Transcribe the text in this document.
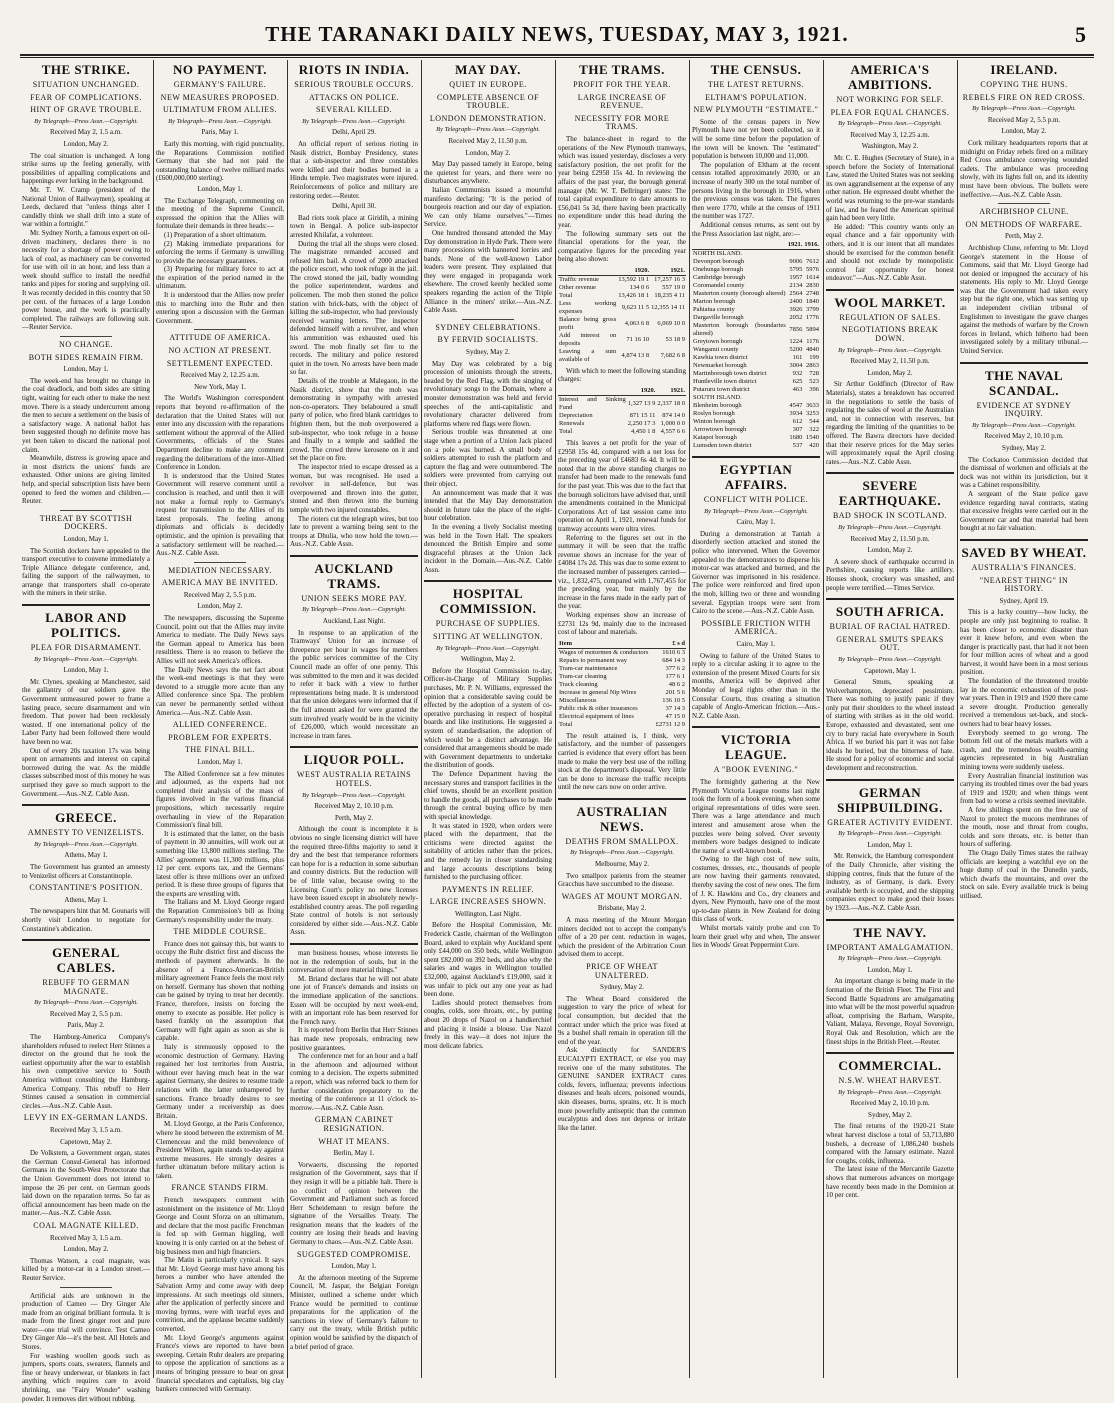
THE TARANAKI DAILY NEWS, TUESDAY, MAY 3, 1921.	5
THE STRIKE.
SITUATION UNCHANGED.
FEAR OF COMPLICATIONS.
HINT OF GRAVE TROUBLE.
By Telegraph—Press Assn.—Copyright.
Received May 2, 1.5 a.m.
London, May 2.

The coal situation is unchanged. A long strike sums up the feeling generally, with possibilities of appalling complications and happenings ever lurking in the background.

Mr. T. W. Cramp (president of the National Union of Railwaymen), speaking at Leeds, declared that "unless things alter I candidly think we shall drift into a state of war within a fortnight."

Mr. Sydney North, a famous expert on oil-driven machinery, declares there is no necessity for a shortage of power owing to lack of coal, as machinery can be converted for use with oil in an hour, and less than a week should suffice to install the needful tanks and pipes for storing and supplying oil. It was recently decided in this country that 50 per cent. of the furnaces of a large London power house, and the work is practically completed. The railways are following suit.—Reuter Service.

NO CHANGE.
BOTH SIDES REMAIN FIRM.
London, May 1.

The week-end has brought no change in the coal deadlock, and both sides are sitting tight, waiting for each other to make the next move. There is a steady undercurrent among the men to secure a settlement on the basis of a satisfactory wage. A national ballot has been suggested though no definite move has yet been taken to discard the national pool claim.

Meanwhile, distress is growing apace and in most districts the unions' funds are exhausted. Other unions are giving limited help, and special subscription lists have been opened to feed the women and children.—Reuter.

THREAT BY SCOTTISH DOCKERS.
London, May 1.

The Scottish dockers have appealed to the transport executive to convene immediately a Triple Alliance delegate conference, and, failing the support of the railwaymen, to arrange that transporters shall co-operate with the miners in their strike.

LABOR AND POLITICS.
PLEA FOR DISARMAMENT.
By Telegraph—Press Assn.—Copyright.
London, May 1.

Mr. Clynes, speaking at Manchester, said the gallantry of our soldiers gave the Government unmeasured power to frame a lasting peace, secure disarmament and win freedom. That power had been recklessly wasted. If one international policy of the Labor Party had been followed there would have been no war.

Out of every 20s taxation 17s was being spent on armaments and interest on capital borrowed during the war. As the middle classes subscribed most of this money he was surprised they gave so much support to the Government.—Aus.-N.Z. Cable Assn.

GREECE.
AMNESTY TO VENIZELISTS.
By Telegraph—Press Assn.—Copyright.
Athens, May 1.

The Government has granted an amnesty to Venizelist officers at Constantinople.

CONSTANTINE'S POSITION.
Athens, May 1.

The newspapers hint that M. Gounaris will shortly visit London to negotiate for Constantine's abdication.

GENERAL CABLES.
REBUFF TO GERMAN MAGNATE.
By Telegraph—Press Assn.—Copyright.
Received May 2, 5.5 p.m.
Paris, May 2.

The Hamburg-America Company's shareholders refused to reelect Herr Stinnes a director on the ground that he took the earliest opportunity after the war to establish his own competitive service to South America without consulting the Hamburg-America Company. This rebuff to Herr Stinnes caused a sensation in commercial circles.—Aus.-N.Z. Cable Assn.

LEVY IN EX-GERMAN LANDS.
Received May 3, 1.5 a.m.
Capetown, May 2.

De Volkstem, a Government organ, states the German Consul-General has informed Germans in the South-West Protectorate that the Union Government does not intend to impose the 26 per cent. on German goods laid down on the reparation terms. So far as official announcement has been made on the matter.—Aus.-N.Z. Cable Assn.

COAL MAGNATE KILLED.
Received May 3, 1.5 a.m.
London, May 2.

Thomas Watson, a coal magnate, was killed by a motor-car in a London street.—Reuter Service.

Artificial aids are unknown in the production of Cameo — Dry Ginger Ale made from an original brilliant formula. It is made from the finest ginger root and pure water—one trial will convince. Test Cameo Dry Ginger Ale—it's the best. All Hotels and Stores.

For washing woollen goods such as jumpers, sports coats, sweaters, flannels and fine or heavy underwear, or blankets in fact anything which requires care to avoid shrinking, use "Fairy Wonder" washing powder. It removes dirt without rubbing.

NO PAYMENT.
GERMANY'S FAILURE.
NEW MEASURES PROPOSED.
ULTIMATUM FROM ALLIES.
By Telegraph—Press Assn.—Copyright.
Paris, May 1.

Early this morning, with rigid punctuality, the Reparations Commission notified Germany that she had not paid the outstanding balance of twelve milliard marks (£600,000,000 sterling).

London, May 1.

The Exchange Telegraph, commenting on the meeting of the Supreme Council, expressed the opinion that the Allies will formulate their demands in three heads:—

(1) Preparation of a short ultimatum.

(2) Making immediate preparations for enforcing the terms if Germany is unwilling to provide the necessary guarantees.

(3) Preparing for military force to act at the expiration of the period named in the ultimatum.

It is understood that the Allies now prefer this to marching into the Ruhr and then entering upon a discussion with the German Government.

ATTITUDE OF AMERICA.
NO ACTION AT PRESENT.
SETTLEMENT EXPECTED.
Received May 2, 12.25 a.m.
New York, May 1.

The World's Washington correspondent reports that beyond re-affirmation of the declaration that the United States will not enter into any discussion with the reparations settlement without the approval of the Allied Governments, officials of the States Department decline to make any comment regarding the deliberations of the inter-Allied Conference in London.

It is understood that the United States Government will reserve comment until a conclusion is reached, and until then it will not make a formal reply to Germany's request for transmission to the Allies of its latest proposals. The feeling among diplomats and officials is decidedly optimistic, and the opinion is prevailing that a satisfactory settlement will be reached.—Aus.-N.Z. Cable Assn.

MEDIATION NECESSARY.
AMERICA MAY BE INVITED.
Received May 2, 5.5 p.m.
London, May 2.

The newspapers, discussing the Supreme Council, point out that the Allies may invite America to mediate. The Daily News says the German appeal to America has been resultless. There is no reason to believe the Allies will not seek America's offices.

The Daily News says the net fact about the week-end meetings is that they were devoted to a struggle more acute than any Allied conference since Spa. The problem can never be permanently settled without America.—Aus.-N.Z. Cable Assn.

ALLIED CONFERENCE.
PROBLEM FOR EXPERTS.
THE FINAL BILL.
London, May 1.

The Allied Conference sat a few minutes and adjourned, as the experts had not completed their analysis of the mass of figures involved in the various financial propositions, which necessarily require overhauling in view of the Reparation Commission's final bill.

It is estimated that the latter, on the basis of payment in 30 annuities, will work out at something like 13,800 millions sterling. The Allies' agreement was 11,300 millions, plus 12 per cent. exports tax, and the Germans' latest offer is three millions over an unfixed period. It is these three groups of figures that the experts are wrestling with.

The Italians and M. Lloyd George regard the Reparation Commission's bill as fixing Germany's responsibility under the treaty.

THE MIDDLE COURSE.

France does not gainsay this, but wants to occupy the Ruhr district first and discuss the methods of payment afterwards. In the absence of a Franco-American-British military agreement France feels the most rely on herself. Germany has shown that nothing can be gained by trying to treat her decently. France, therefore, insists on forcing the enemy to execute as possible. Her policy is based frankly on the assumption that Germany will fight again as soon as she is capable.

Italy is strenuously opposed to the economic destruction of Germany. Having regained her lost territories from Austria, without ever having much heat in the war against Germany, she desires to resume trade relations with the latter unhampered by sanctions. France broadly desires to see Germany under a receivership as does Britain.

M. Lloyd George, at the Paris Conference, where he stood between the extremism of M. Clemenceau and the mild benevolence of President Wilson, again stands to-day against extreme measures. He strongly desires a further ultimatum before military action is taken.

FRANCE STANDS FIRM.

French newspapers comment with astonishment on the insistence of Mr. Lloyd George and Count Sforza on an ultimatum, and declare that the most pacific Frenchman is fed up with German higgling, well knowing it is only carried on at the behest of big business men and high financiers.

The Matin is particularly cynical. It says that Mr. Lloyd George must have among his heroes a number who have attended the Salvation Army and come away with deep impressions. At such meetings old sinners, after the application of perfectly sincere and moving hymns, were with tearful eyes and contrition, and the applause became suddenly converted.

Mr. Lloyd George's arguments against France's views are reported to have been sweeping. Certain Ruhr dealers are preparing to oppose the application of sanctions as a means of bringing pressure to bear on great financial speculators and capitalists, big clay bankers connected with Germany.

RIOTS IN INDIA.
SERIOUS TROUBLE OCCURS.
ATTACKS ON POLICE.
SEVERAL KILLED.
By Telegraph—Press Assn.—Copyright.
Delhi, April 29.

An official report of serious rioting in Nasik district, Bombay Presidency, states that a sub-inspector and three constables were killed and their bodies burned in a Hindu temple. Two magistrates were injured. Reinforcements of police and military are restoring order.—Reuter.

Delhi, April 30.

Bad riots took place at Giridih, a mining town in Bengal. A police sub-inspector arrested Khilafat, a volunteer.

During the trial all the shops were closed. The magistrate remanded accused and refused him bail. A crowd of 2000 attacked the police escort, who took refuge in the jail. The crowd stoned the jail, badly wounding the police superintendent, wardens and policemen. The mob then stoned the police station with brick-bats, with the object of killing the sub-inspector, who had previously received warning letters. The inspector defended himself with a revolver, and when his ammunition was exhausted used his sword. The mob finally set fire to the records. The military and police restored quiet in the town. No arrests have been made so far.

Details of the trouble at Malegaon, in the Nasik district, show that the mob was demonstrating in sympathy with arrested non-co-operators. They belaboured a small party of police, who fired blank cartridges to frighten them, but the mob overpowered a sub-inspector, who took refuge in a house and finally to a temple and saddled the crowd. The crowd threw kerosene on it and set the place on fire.

The inspector tried to escape dressed as a woman, but was recognised. He used a revolver in self-defence, but was overpowered and thrown into the gutter, stoned and then thrown into the burning temple with two injured constables.

The rioters cut the telegraph wires, but too late to prevent a warning being sent to the troops at Dhulia, who now hold the town.—Aus.-N.Z. Cable Assn.

AUCKLAND TRAMS.
UNION SEEKS MORE PAY.
By Telegraph—Press Assn.—Copyright.
Auckland, Last Night.

In response to an application of the Tramways' Union for an increase of threepence per hour in wages for members the public services committee of the City Council made an offer of one penny. This was submitted to the men and it was decided to refer it back with a view to further representations being made. It is understood that the union delegates were informed that if the full amount asked for were granted the sum involved yearly would be in the vicinity of £26,000, which would necessitate an increase in tram fares.

LIQUOR POLL.
WEST AUSTRALIA RETAINS HOTELS.
By Telegraph—Press Assn.—Copyright.
Received May 2, 10.10 p.m.
Perth, May 2.

Although the count is incomplete it is obvious no single licensing district will have the required three-fifths majority to send it dry and the best that temperance reformers can hope for is a reduction in some suburban and country districts. But the reduction will be of little value, because owing to the Licensing Court's policy no new licenses have been issued except in absolutely newly-established country areas. The poll regarding State control of hotels is not seriously considered by either side.—Aus.-N.Z. Cable Assn.

man business houses, whose interests lie not in the redemption of souls, but in the conversation of more material things."

M. Briand declares that he will not abate one jot of France's demands and insists on the immediate application of the sanctions. Essen will be occupied by next week-end, with an important role has been reserved for the French navy.

It is reported from Berlin that Herr Stinnes has made new proposals, embracing new positive guarantees.

The conference met for an hour and a half in the afternoon and adjourned without coming to a decision. The experts submitted a report, which was referred back to them for further consideration preparatory to the meeting of the conference at 11 o'clock to-morrow.—Aus.-N.Z. Cable Assn.

GERMAN CABINET RESIGNATION.
WHAT IT MEANS.
Berlin, May 1.

Vorwaerts, discussing the reported resignation of the Government, says that if they resign it will be a pitiable halt. There is no conflict of opinion between the Government and Parliament such as forced Herr Scheidemann to resign before the signature of the Versailles Treaty. The resignation means that the leaders of the country are losing their heads and leaving Germany to chaos.—Aus.-N.Z. Cable Assn.

SUGGESTED COMPROMISE.
London, May 1.

At the afternoon meeting of the Supreme Council, M. Jaspar, the Belgian Foreign Minister, outlined a scheme under which France would be permitted to continue preparations for the application of the sanctions in view of Germany's failure to carry out the treaty, while British public opinion would be satisfied by the dispatch of a brief period of grace.

MAY DAY.
QUIET IN EUROPE.
COMPLETE ABSENCE OF TROUBLE.
LONDON DEMONSTRATION.
By Telegraph—Press Assn.—Copyright.
Received May 2, 11.50 p.m.
London, May 2.

May Day passed tamely in Europe, being the quietest for years, and there were no disturbances anywhere.

Italian Communists issued a mournful manifesto declaring: "It is the period of bourgeois reaction and our day of expiation. We can only blame ourselves."—Times Service.

One hundred thousand attended the May Day demonstration in Hyde Park. There were many processions with bannered lorries and bands. None of the well-known Labor leaders were present. They explained that they were engaged in propaganda work elsewhere. The crowd keenly heckled some speakers regarding the action of the Triple Alliance in the miners' strike.—Aus.-N.Z. Cable Assn.

SYDNEY CELEBRATIONS.
BY FERVID SOCIALISTS.
Sydney, May 2.

May Day was celebrated by a big procession of unionists through the streets, headed by the Red Flag, with the singing of revolutionary songs to the Domain, where a monster demonstration was held and fervid speeches of the anti-capitalistic and revolutionary character delivered from platforms where red flags were flown.

Serious trouble was threatened at one stage when a portion of a Union Jack placed on a pole was burned. A small body of soldiers attempted to rush the platform and capture the flag and were outnumbered. The soldiers were prevented from carrying out their object.

An announcement was made that it was intended that the May Day demonstration should in future take the place of the eight-hour celebration.

In the evening a lively Socialist meeting was held in the Town Hall. The speakers denounced the British Empire and some disgraceful phrases at the Union Jack incident in the Domain.—Aus.-N.Z. Cable Assn.

HOSPITAL COMMISSION.
PURCHASE OF SUPPLIES.
SITTING AT WELLINGTON.
By Telegraph—Press Assn.—Copyright.
Wellington, May 2.

Before the Hospital Commission to-day, Officer-in-Charge of Military Supplies purchases, Mr. P. N. Williams, expressed the opinion that a considerable saving could be effected by the adoption of a system of co-operative purchasing in respect of hospital boards and like institutions. He suggested a system of standardisation, the adoption of which would be a distinct advantage. He considered that arrangements should be made with Government departments to undertake the distribution of goods.

The Defence Department having the necessary stores and transport facilities in the chief towns, should be an excellent position to handle the goods, all purchases to be made through the central buying office by men with special knowledge.

It was stated in 1920, when orders were placed with the department, that the criticisms were directed against the suitability of articles rather than the prices, and the remedy lay in closer standardising and large accounts descriptions being furnished to the purchasing officer.

PAYMENTS IN RELIEF.
LARGE INCREASES SHOWN.
Wellington, Last Night.

Before the Hospital Commission, Mr. Frederick Castle, chairman of the Wellington Board, asked to explain why Auckland spent only £44,000 on 350 beds, while Wellington spent £82,000 on 392 beds, and also why the salaries and wages in Wellington totalled £32,000, against Auckland's £19,000, said it was unfair to pick out any one year as had been done.

Ladies should protect themselves from coughs, colds, sore throats, etc., by putting about 20 drops of Nazol on a handkerchief and placing it inside a blouse. Use Nazol freely in this way—it does not injure the most delicate fabrics.

THE TRAMS.
PROFIT FOR THE YEAR.
LARGE INCREASE OF REVENUE.
NECESSITY FOR MORE TRAMS.

The balance-sheet in regard to the operations of the New Plymouth tramways, which was issued yesterday, discloses a very satisfactory position, the net profit for the year being £2958 15s 4d. In reviewing the affairs of the past year, the borough general manager (Mr. W. T. Bellringer) states: The total capital expenditure to date amounts to £56,041 5s 3d, there having been practically no expenditure under this head during the year.

The following summary sets out the financial operations for the year, the comparative figures for the preceding year being also shown:

	1920.	1921.
Traffic revenue	13,592 19 1	17,257 16 3
Other revenue	134 0 6	557 19 0
Total	13,426 18 1	18,235 4 11
Less working expenses	9,623 11 5	12,355 14 11
Balance being gross profit	4,063 6 8	6,069 10 0
Add interest on deposits	71 16 10	53 18 9
Leaving a sum available of	4,874 13 8	7,682 6 8

With which to meet the following standing charges:

	1920.	1921.
Interest and Sinking Fund	1,327 13 9	2,337 18 0
Depreciation	871 15 11	874 14 0
Renewals	2,250 17 3	1,000 0 0
Total	4,450 1 8	4,557 6 6

This leaves a net profit for the year of £2958 15s 4d, compared with a net loss for the preceding year of £4683 6s 4d. It will be noted that in the above standing charges no transfer had been made to the renewals fund for the past year. This was due to the fact that the borough solicitors have advised that, until the amendments contained in the Municipal Corporations Act of last session came into operation on April 1, 1921, renewal funds for tramway accounts were ultra vires.

Referring to the figures set out in the summary it will be seen that the traffic revenue shows an increase for the year of £4084 17s 2d. This was due to some extent to the increased number of passengers carried—viz., 1,832,475, compared with 1,767,455 for the preceding year, but mainly by the increase in the fares made in the early part of the year.

Working expenses show an increase of £2731 12s 9d, mainly due to the increased cost of labour and materials.

Item		£ s d
Wages of motormen & conductors		1610 6 3
Repairs to permanent way		684 14 3
Tram-car maintenance		377 6 2
Tram-car cleaning		177 6 1
Track cleaning		48 6 2
Increase in general Nip Wires		201 5 6
Miscellaneous		136 10 5
Public risk & other insurances		37 14 3
Electrical equipment of lines		47 15 0
Total		£2731 12 9

The result attained is, I think, very satisfactory, and the number of passengers carried is evidence that every effort has been made to make the very best use of the rolling stock at the department's disposal. Very little can be done to increase the traffic receipts until the new cars now on order arrive.

AUSTRALIAN NEWS.
DEATHS FROM SMALLPOX.
By Telegraph—Press Assn.—Copyright.
Melbourne, May 2.

Two smallpox patients from the steamer Gracchus have succumbed to the disease.

WAGES AT MOUNT MORGAN.
Brisbane, May 2.

A mass meeting of the Mount Morgan miners decided not to accept the company's offer of a 20 per cent. reduction in wages, which the president of the Arbitration Court advised them to accept.

PRICE OF WHEAT UNALTERED.
Sydney, May 2.

The Wheat Board considered the suggestion to vary the price of wheat for local consumption, but decided that the contract under which the price was fixed at 9s a bushel shall remain in operation till the end of the year.

Ask distinctly for SANDER'S EUCALYPTI EXTRACT, or else you may receive one of the many substitutes. The GENUINE SANDER EXTRACT cures colds, fevers, influenza; prevents infectious diseases and heals ulcers, poisoned wounds, skin diseases, burns, sprains, etc. It is much more powerfully antiseptic than the common eucalyptus and does not depress or irritate like the latter.

THE CENSUS.
THE LATEST RETURNS.
ELTHAM'S POPULATION.
NEW PLYMOUTH "ESTIMATE."

Some of the census papers in New Plymouth have not yet been collected, so it will be some time before the population of the town will be known. The "estimated" population is between 10,000 and 11,000.

The population of Eltham at the recent census totalled approximately 2030, or an increase of nearly 300 on the total number of persons living in the borough in 1916, when the previous census was taken. The figures then were 1770, while at the census of 1911 the number was 1727.

Additional census returns, as sent out by the Press Association last night, are:—

	1921.	1916.
NORTH ISLAND.		
Devonport borough	9006	7612
Onehunga borough	5795	5976
Cambridge borough	1957	1614
Coromandel county	2134	2830
Masterton county (borough altered)	2564	2748
Marton borough	2400	1840
Pahiatua county	3926	3799
Dargaville borough	2052	1776
Masterton borough (boundaries altered)	7856	5894
Greytown borough	1224	1176
Wanganui county	5200	4840
Kawhia town district	161	199
Newmarket borough	3004	2863
Martinborough town district	932	728
Huntleville town district	625	523
Putaruru town district	463	396
SOUTH ISLAND.		
Blenheim borough	4547	3633
Roslyn borough	3934	3253
Winton borough	612	544
Arrowtown borough	307	322
Kaiapoi borough	1680	1540
Lumsden town district	537	420
EGYPTIAN AFFAIRS.
CONFLICT WITH POLICE.
By Telegraph—Press Assn.—Copyright.
Cairo, May 1.

During a demonstration at Tantah a disorderly section attacked and stoned the police who intervened. When the Governor appealed to the demonstrators to disperse his motor-car was attacked and burned, and the Governor was imprisoned in his residence. The police were reinforced and fired upon the mob, killing two or three and wounding several. Egyptian troops were sent from Cairo to the scene.—Aus.-N.Z. Cable Assn.

POSSIBLE FRICTION WITH AMERICA.
Cairo, May 1.

Owing to failure of the United States to reply to a circular asking it to agree to the extension of the present Mixed Courts for six months, America will be deprived after Monday of legal rights other than in the Consular Courts, thus creating a situation capable of Anglo-American friction.—Aus.-N.Z. Cable Assn.

VICTORIA LEAGUE.
A "BOOK EVENING."

The fortnightly gathering at the New Plymouth Victoria League rooms last night took the form of a book evening, when some original representations of titles were seen. There was a large attendance and much interest and amusement arose when the puzzles were being solved. Over seventy members wore badges designed to indicate the name of a well-known book.

Owing to the high cost of new suits, costumes, dresses, etc., thousands of people are now having their garments renovated, thereby saving the cost of new ones. The firm of J. K. Hawkins and Co., dry cleaners and dyers, New Plymouth, have one of the most up-to-date plants in New Zealand for doing this class of work.

Whilst mortals vainly probe and con To learn their gruel why and when, The answer lies in Woods' Great Peppermint Cure.

AMERICA'S AMBITIONS.
NOT WORKING FOR SELF.
PLEA FOR EQUAL CHANCES.
By Telegraph—Press Assn.—Copyright.
Received May 3, 12.25 a.m.
Washington, May 2.

Mr. C. E. Hughes (Secretary of State), in a speech before the Society of International Law, stated the United States was not seeking its own aggrandisement at the expense of any other nation. He expressed doubt whether the world was returning to the pre-war standards of law, and he feared the American spiritual gain had been very little.

He added: "This country wants only an equal chance and a fair opportunity with others, and it is our intent that all mandates should be exercised for the common benefit and should not exclude by monopolistic control fair opportunity for honest endeavor."—Aus.-N.Z. Cable Assn.

WOOL MARKET.
REGULATION OF SALES.
NEGOTIATIONS BREAK DOWN.
By Telegraph—Press Assn.—Copyright.
Received May 2, 11.50 p.m.
London, May 2.

Sir Arthur Goldfinch (Director of Raw Materials), states a breakdown has occurred in the negotiations to settle the basis of regulating the sales of wool at the Australian and, not in connection with reserves, but regarding the limiting of the quantities to be offered. The Bawra directors have decided that their reserve prices for the May series will approximately equal the April closing rates.—Aus.-N.Z. Cable Assn.

SEVERE EARTHQUAKE.
BAD SHOCK IN SCOTLAND.
By Telegraph—Press Assn.—Copyright.
Received May 2, 11.50 p.m.
London, May 2.

A severe shock of earthquake occurred in Perthshire, causing reports like artillery. Houses shook, crockery was smashed, and people were terrified.—Times Service.

SOUTH AFRICA.
BURIAL OF RACIAL HATRED.
GENERAL SMUTS SPEAKS OUT.
By Telegraph—Press Assn.—Copyright.
Capetown, May 1.

General Smuts, speaking at Wolverhampton, deprecated pessimism. There was nothing to justify panic if they only put their shoulders to the wheel instead of starting with strikes as in the old world. Europe, exhausted and devastated, sent one cry to bury racial hate everywhere in South Africa. If we buried his part it was not false ideals he buried, but the bitterness of hate. He stood for a policy of economic and social development and reconstruction.

GERMAN SHIPBUILDING.
GREATER ACTIVITY EVIDENT.
By Telegraph—Press Assn.—Copyright.
London, May 1.

Mr. Renwick, the Hamburg correspondent of the Daily Chronicle, after visiting the shipping centres, finds that the future of the industry, as of Germany, is dark. Every available berth is occupied, and the shipping companies expect to make good their losses by 1923.—Aus.-N.Z. Cable Assn.

THE NAVY.
IMPORTANT AMALGAMATION.
By Telegraph—Press Assn.—Copyright.
London, May 1.

An important change is being made in the formation of the British Fleet. The First and Second Battle Squadrons are amalgamating into what will be the most powerful squadron afloat, comprising the Barham, Warspite, Valiant, Malaya, Revenge, Royal Sovereign, Royal Oak and Resolution, which are the finest ships in the British Fleet.—Reuter.

COMMERCIAL.
N.S.W. WHEAT HARVEST.
By Telegraph—Press Assn.—Copyright.
Received May 2, 10.10 p.m.
Sydney, May 2.

The final returns of the 1920-21 State wheat harvest disclose a total of 53,713,880 bushels, a decrease of 1,086,240 bushels compared with the January estimate. Nazol for coughs, colds, influenza.

The latest issue of the Mercantile Gazette shows that numerous advances on mortgage have recently been made in the Dominion at 10 per cent.

IRELAND.
COPYING THE HUNS.
REBELS FIRE ON RED CROSS.
By Telegraph—Press Assn.—Copyright.
Received May 2, 5.5 p.m.
London, May 2.

Cork military headquarters reports that at midnight on Friday rebels fired on a military Red Cross ambulance conveying wounded cadets. The ambulance was proceeding slowly, with its lights full on, and its identity must have been obvious. The bullets were ineffective.—Aus.-N.Z. Cable Assn.

ARCHBISHOP CLUNE.
ON METHODS OF WARFARE.
Perth, May 2.

Archbishop Clune, referring to Mr. Lloyd George's statement in the House of Commons, said that Mr. Lloyd George had not denied or impugned the accuracy of his statements. His reply to Mr. Lloyd George was that the Government had taken every step but the right one, which was setting up an independent civilian tribunal of Englishmen to investigate the grave charges against the methods of warfare by the Crown forces in Ireland, which hitherto had been investigated solely by a military tribunal.—United Service.

THE NAVAL SCANDAL.
EVIDENCE AT SYDNEY INQUIRY.
By Telegraph—Press Assn.—Copyright.
Received May 2, 10.10 p.m.
Sydney, May 2.

The Cockatoo Commission decided that the dismissal of workmen and officials at the dock was not within its jurisdiction, but it was a Cabinet responsibility.

A sergeant of the State police gave evidence regarding naval contracts, stating that excessive freights were carried out in the Government car and that material had been bought at no fair valuation.

SAVED BY WHEAT.
AUSTRALIA'S FINANCES.
"NEAREST THING" IN HISTORY.
Sydney, April 19.

This is a lucky country—how lucky, the people are only just beginning to realise. It has been closer to economic disaster than ever it knew before, and even when the danger is practically past, that had it not been for four million acres of wheat and a good harvest, it would have been in a most serious position.

The foundation of the threatened trouble lay in the economic exhaustion of the post-war years. Then in 1919 and 1920 there came a severe drought. Production generally received a tremendous set-back, and stock-owners had to bear heavy losses.

Everybody seemed to go wrong. The bottom fell out of the metals markets with a crash, and the tremendous wealth-earning agencies represented in big Australian mining towns were suddenly useless.

Every Australian financial institution was carrying its troubled times over the bad years of 1919 and 1920; and when things went from bad to worse a crisis seemed inevitable.

A few shillings spent on the free use of Nazol to protect the mucous membranes of the mouth, nose and throat from coughs, colds and sore throats, etc. is better than hours of suffering.

The Otago Daily Times states the railway officials are keeping a watchful eye on the huge dump of coal in the Dunedin yards, which dwarfs the mountains, and over the stock on sale. Every available truck is being utilised.
